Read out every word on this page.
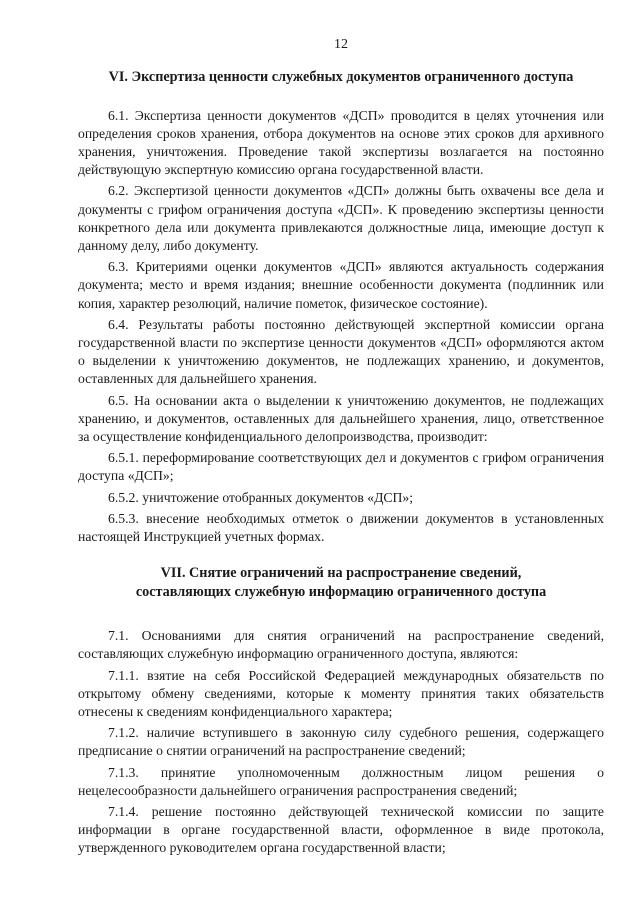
12
VI. Экспертиза ценности служебных документов ограниченного доступа

6.1. Экспертиза ценности документов «ДСП» проводится в целях уточнения или определения сроков хранения, отбора документов на основе этих сроков для архивного хранения, уничтожения. Проведение такой экспертизы возлагается на постоянно действующую экспертную комиссию органа государственной власти.

6.2. Экспертизой ценности документов «ДСП» должны быть охвачены все дела и документы с грифом ограничения доступа «ДСП». К проведению экспертизы ценности конкретного дела или документа привлекаются должностные лица, имеющие доступ к данному делу, либо документу.

6.3. Критериями оценки документов «ДСП» являются актуальность содержания документа; место и время издания; внешние особенности документа (подлинник или копия, характер резолюций, наличие пометок, физическое состояние).

6.4. Результаты работы постоянно действующей экспертной комиссии органа государственной власти по экспертизе ценности документов «ДСП» оформляются актом о выделении к уничтожению документов, не подлежащих хранению, и документов, оставленных для дальнейшего хранения.

6.5. На основании акта о выделении к уничтожению документов, не подлежащих хранению, и документов, оставленных для дальнейшего хранения, лицо, ответственное за осуществление конфиденциального делопроизводства, производит:

6.5.1. переформирование соответствующих дел и документов с грифом ограничения доступа «ДСП»;

6.5.2. уничтожение отобранных документов «ДСП»;

6.5.3. внесение необходимых отметок о движении документов в установленных настоящей Инструкцией учетных формах.

VII. Снятие ограничений на распространение сведений,
составляющих служебную информацию ограниченного доступа

7.1. Основаниями для снятия ограничений на распространение сведений, составляющих служебную информацию ограниченного доступа, являются:

7.1.1. взятие на себя Российской Федерацией международных обязательств по открытому обмену сведениями, которые к моменту принятия таких обязательств отнесены к сведениям конфиденциального характера;

7.1.2. наличие вступившего в законную силу судебного решения, содержащего предписание о снятии ограничений на распространение сведений;

7.1.3. принятие уполномоченным должностным лицом решения о нецелесообразности дальнейшего ограничения распространения сведений;

7.1.4. решение постоянно действующей технической комиссии по защите информации в органе государственной власти, оформленное в виде протокола, утвержденного руководителем органа государственной власти;
